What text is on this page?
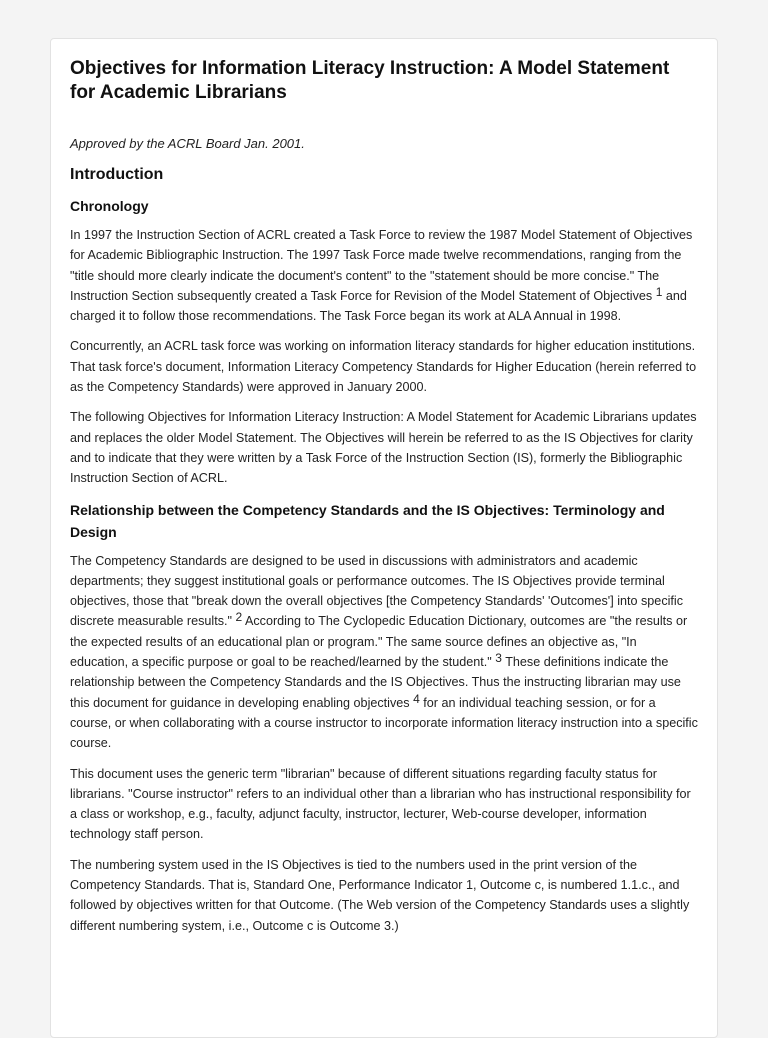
Objectives for Information Literacy Instruction: A Model Statement for Academic Librarians

Approved by the ACRL Board Jan. 2001.

Introduction
Chronology

In 1997 the Instruction Section of ACRL created a Task Force to review the 1987 Model Statement of Objectives for Academic Bibliographic Instruction. The 1997 Task Force made twelve recommendations, ranging from the "title should more clearly indicate the document's content" to the "statement should be more concise." The Instruction Section subsequently created a Task Force for Revision of the Model Statement of Objectives $^1$ and charged it to follow those recommendations. The Task Force began its work at ALA Annual in 1998.

Concurrently, an ACRL task force was working on information literacy standards for higher education institutions. That task force's document, Information Literacy Competency Standards for Higher Education (herein referred to as the Competency Standards) were approved in January 2000.

The following Objectives for Information Literacy Instruction: A Model Statement for Academic Librarians updates and replaces the older Model Statement. The Objectives will herein be referred to as the IS Objectives for clarity and to indicate that they were written by a Task Force of the Instruction Section (IS), formerly the Bibliographic Instruction Section of ACRL.

Relationship between the Competency Standards and the IS Objectives: Terminology and Design

The Competency Standards are designed to be used in discussions with administrators and academic departments; they suggest institutional goals or performance outcomes. The IS Objectives provide terminal objectives, those that "break down the overall objectives [the Competency Standards' 'Outcomes'] into specific discrete measurable results." $^2$ According to The Cyclopedic Education Dictionary, outcomes are "the results or the expected results of an educational plan or program." The same source defines an objective as, "In education, a specific purpose or goal to be reached/learned by the student." $^3$ These definitions indicate the relationship between the Competency Standards and the IS Objectives. Thus the instructing librarian may use this document for guidance in developing enabling objectives $^4$ for an individual teaching session, or for a course, or when collaborating with a course instructor to incorporate information literacy instruction into a specific course.

This document uses the generic term "librarian" because of different situations regarding faculty status for librarians. "Course instructor" refers to an individual other than a librarian who has instructional responsibility for a class or workshop, e.g., faculty, adjunct faculty, instructor, lecturer, Web-course developer, information technology staff person.

The numbering system used in the IS Objectives is tied to the numbers used in the print version of the Competency Standards. That is, Standard One, Performance Indicator 1, Outcome c, is numbered 1.1.c., and followed by objectives written for that Outcome. (The Web version of the Competency Standards uses a slightly different numbering system, i.e., Outcome c is Outcome 3.)
